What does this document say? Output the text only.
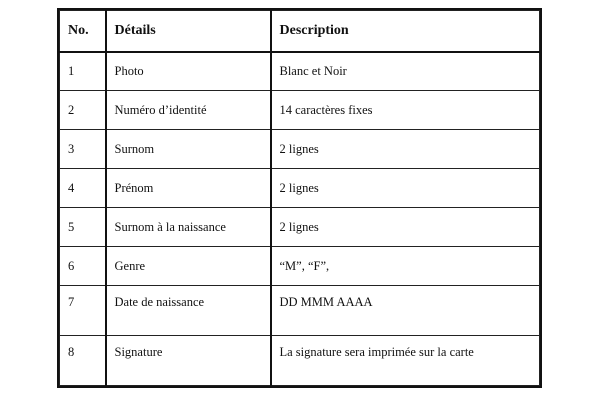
No.	Détails	Description
1	Photo	Blanc et Noir
2	Numéro d’identité	14 caractères fixes
3	Surnom	2 lignes
4	Prénom	2 lignes
5	Surnom à la naissance	2 lignes
6	Genre	“M”, “F”,
7	Date de naissance	DD MMM AAAA
8	Signature	La signature sera imprimée sur la carte
